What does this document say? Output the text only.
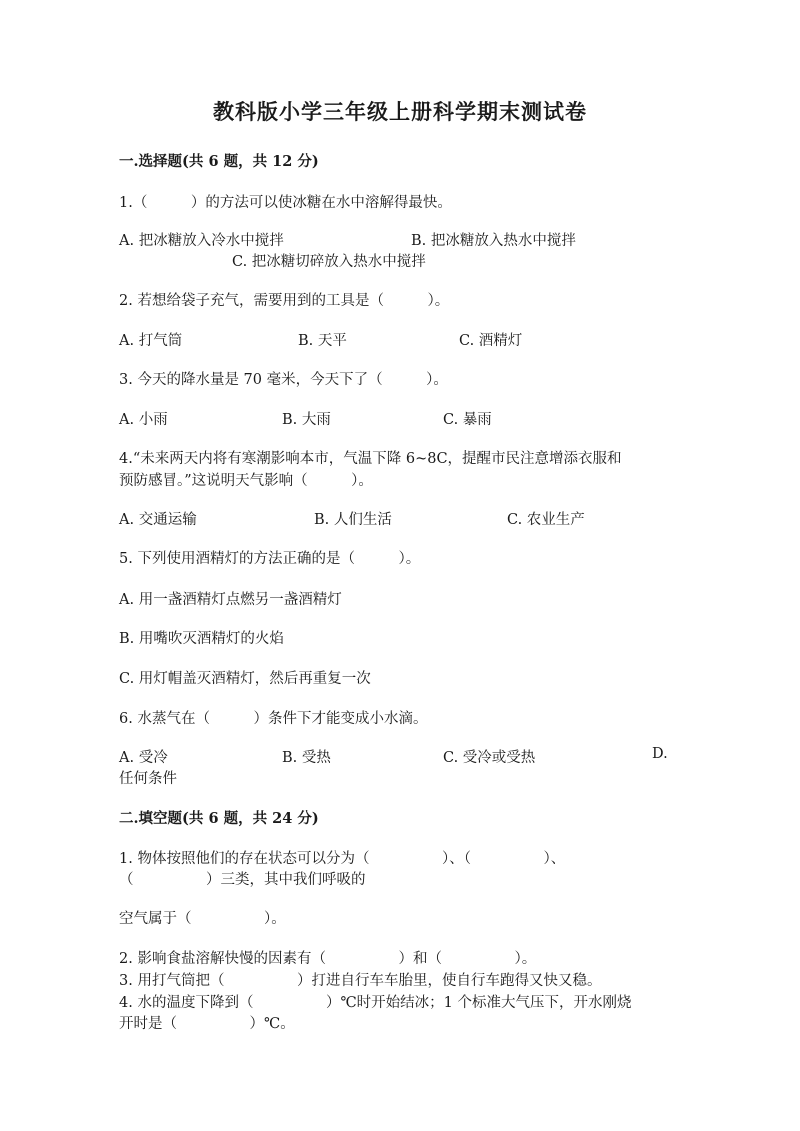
教科版小学三年级上册科学期末测试卷
一.选择题(共 6 题，共 12 分)
1.（　　　）的方法可以使冰糖在水中溶解得最快。
A. 把冰糖放入冷水中搅拌	B. 把冰糖放入热水中搅拌
C. 把冰糖切碎放入热水中搅拌
2. 若想给袋子充气，需要用到的工具是（　　　）。
A. 打气筒	B. 天平	C. 酒精灯
3. 今天的降水量是 70 毫米，今天下了（　　　）。
A. 小雨	B. 大雨	C. 暴雨
4.“未来两天内将有寒潮影响本市，气温下降 6~8C，提醒市民注意增添衣服和
预防感冒。”这说明天气影响（　　　）。
A. 交通运输	B. 人们生活	C. 农业生产
5. 下列使用酒精灯的方法正确的是（　　　）。
A. 用一盏酒精灯点燃另一盏酒精灯
B. 用嘴吹灭酒精灯的火焰
C. 用灯帽盖灭酒精灯，然后再重复一次
6. 水蒸气在（　　　）条件下才能变成小水滴。
A. 受冷	B. 受热	C. 受冷或受热	D.
任何条件
二.填空题(共 6 题，共 24 分)
1. 物体按照他们的存在状态可以分为（　　　　　）、（　　　　　）、
（　　　　　）三类，其中我们呼吸的
空气属于（　　　　　）。
2. 影响食盐溶解快慢的因素有（　　　　　）和（　　　　　）。
3. 用打气筒把（　　　　　）打进自行车车胎里，使自行车跑得又快又稳。
4. 水的温度下降到（　　　　　）℃时开始结冰；1 个标准大气压下，开水刚烧
开时是（　　　　　）℃。
